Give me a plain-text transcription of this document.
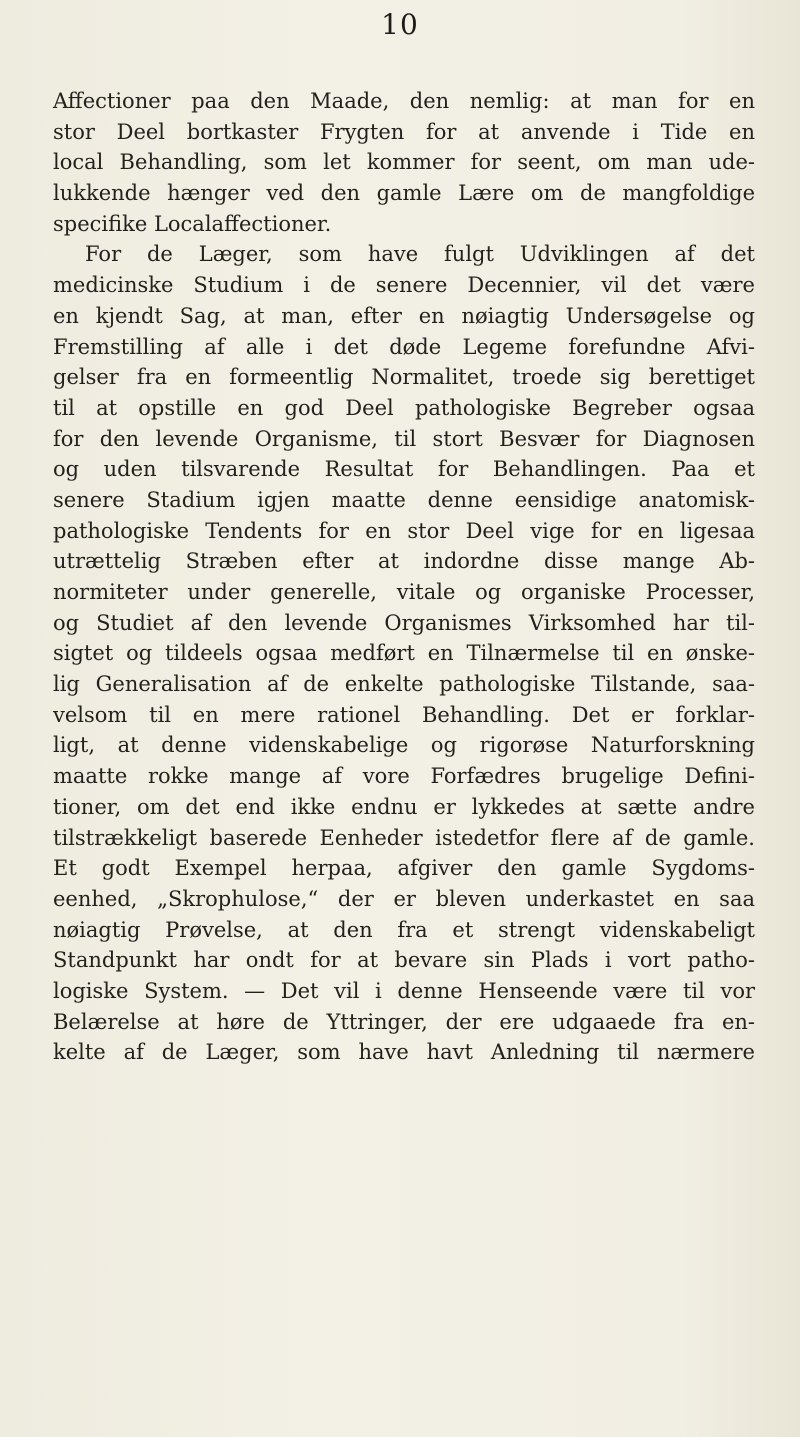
10
Affectioner paa den Maade, den nemlig: at man for en
stor Deel bortkaster Frygten for at anvende i Tide en
local Behandling, som let kommer for seent, om man ude-
lukkende hænger ved den gamle Lære om de mangfoldige
specifike Localaffectioner.
For de Læger, som have fulgt Udviklingen af det
medicinske Studium i de senere Decennier, vil det være
en kjendt Sag, at man, efter en nøiagtig Undersøgelse og
Fremstilling af alle i det døde Legeme forefundne Afvi-
gelser fra en formeentlig Normalitet, troede sig berettiget
til at opstille en god Deel pathologiske Begreber ogsaa
for den levende Organisme, til stort Besvær for Diagnosen
og uden tilsvarende Resultat for Behandlingen. Paa et
senere Stadium igjen maatte denne eensidige anatomisk-
pathologiske Tendents for en stor Deel vige for en ligesaa
utrættelig Stræben efter at indordne disse mange Ab-
normiteter under generelle, vitale og organiske Processer,
og Studiet af den levende Organismes Virksomhed har til-
sigtet og tildeels ogsaa medført en Tilnærmelse til en ønske-
lig Generalisation af de enkelte pathologiske Tilstande, saa-
velsom til en mere rationel Behandling. Det er forklar-
ligt, at denne videnskabelige og rigorøse Naturforskning
maatte rokke mange af vore Forfædres brugelige Defini-
tioner, om det end ikke endnu er lykkedes at sætte andre
tilstrækkeligt baserede Eenheder istedetfor flere af de gamle.
Et godt Exempel herpaa, afgiver den gamle Sygdoms-
eenhed, „Skrophulose,“ der er bleven underkastet en saa
nøiagtig Prøvelse, at den fra et strengt videnskabeligt
Standpunkt har ondt for at bevare sin Plads i vort patho-
logiske System. — Det vil i denne Henseende være til vor
Belærelse at høre de Yttringer, der ere udgaaede fra en-
kelte af de Læger, som have havt Anledning til nærmere
